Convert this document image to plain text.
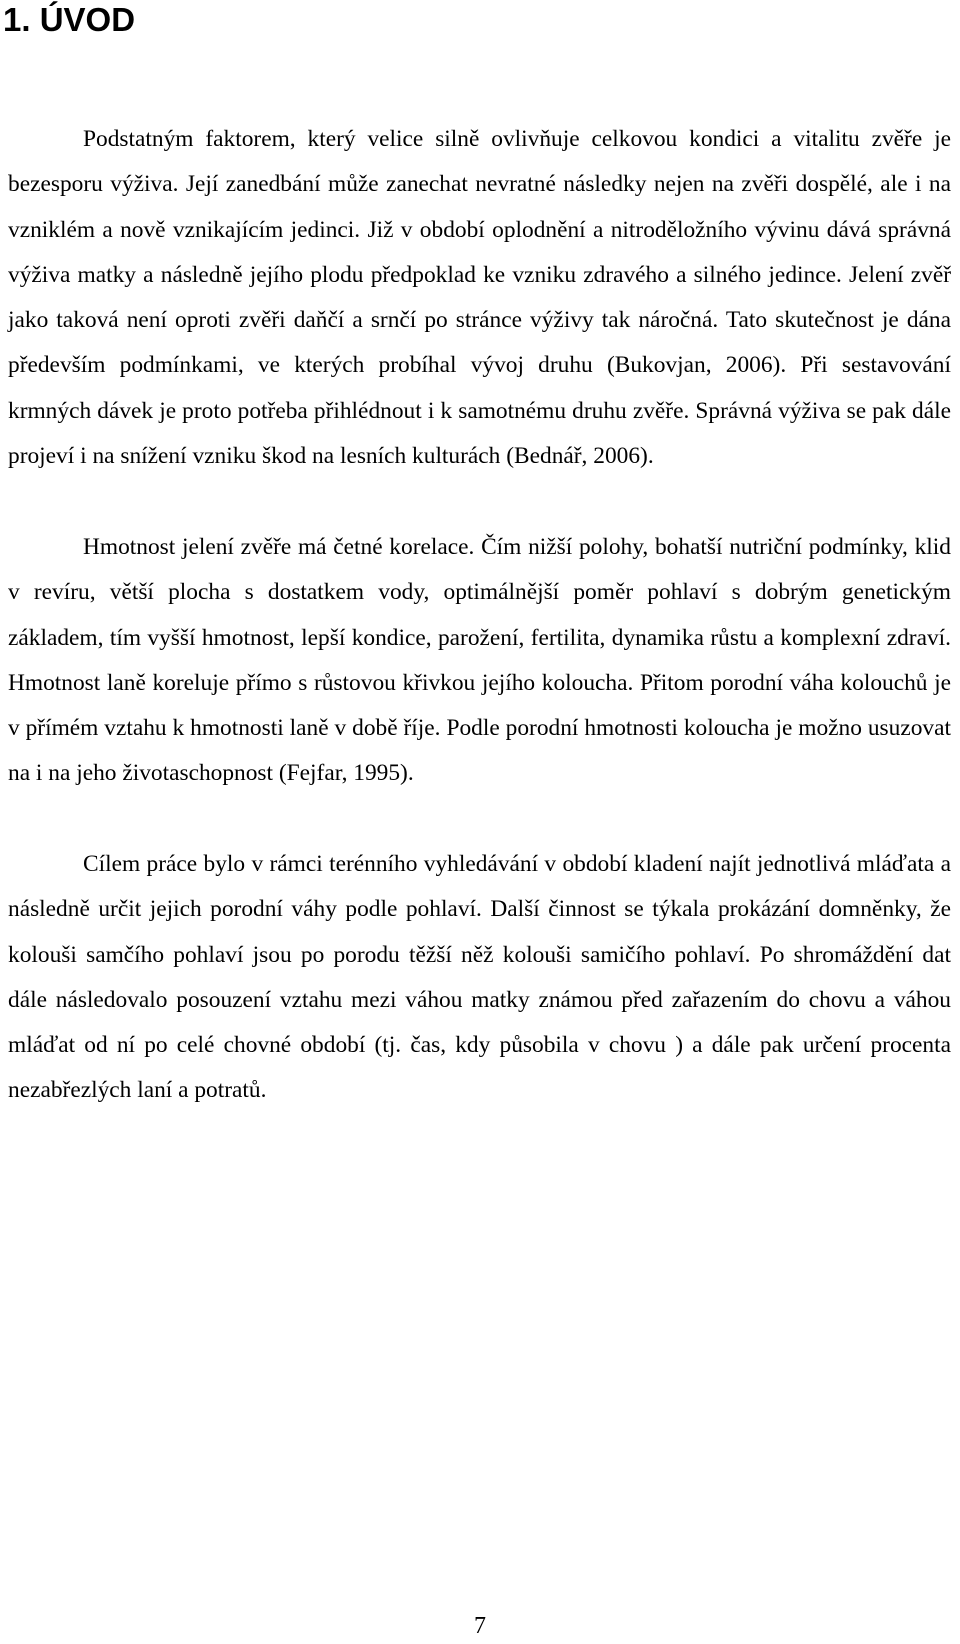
1. ÚVOD

Podstatným faktorem, který velice silně ovlivňuje celkovou kondici a vitalitu zvěře je bezesporu výživa. Její zanedbání může zanechat nevratné následky nejen na zvěři dospělé, ale i na vzniklém a nově vznikajícím jedinci. Již v období oplodnění a nitroděložního vývinu dává správná výživa matky a následně jejího plodu předpoklad ke vzniku zdravého a silného jedince. Jelení zvěř jako taková není oproti zvěři daňčí a srnčí po stránce výživy tak náročná. Tato skutečnost je dána především podmínkami, ve kterých probíhal vývoj druhu (Bukovjan, 2006). Při sestavování krmných dávek je proto potřeba přihlédnout i k samotnému druhu zvěře. Správná výživa se pak dále projeví i na snížení vzniku škod na lesních kulturách (Bednář, 2006).

Hmotnost jelení zvěře má četné korelace. Čím nižší polohy, bohatší nutriční podmínky, klid v revíru, větší plocha s dostatkem vody, optimálnější poměr pohlaví s dobrým genetickým základem, tím vyšší hmotnost, lepší kondice, parožení, fertilita, dynamika růstu a komplexní zdraví. Hmotnost laně koreluje přímo s růstovou křivkou jejího kolouchа. Přitom porodní váha kolouchů je v přímém vztahu k hmotnosti laně v době říje. Podle porodní hmotnosti kolouchа je možno usuzovat na i na jeho životaschopnost (Fejfar, 1995).

Cílem práce bylo v rámci terénního vyhledávání v období kladení najít jednotlivá mláďata a následně určit jejich porodní váhy podle pohlaví. Další činnost se týkala prokázání domněnky, že kolouši samčího pohlaví jsou po porodu těžší něž kolouši samičího pohlaví. Po shromáždění dat dále následovalo posouzení vztahu mezi váhou matky známou před zařazením do chovu a váhou mláďat od ní po celé chovné období (tj. čas, kdy působila v chovu ) a dále pak určení procenta nezabřezlých laní a potratů.

7
